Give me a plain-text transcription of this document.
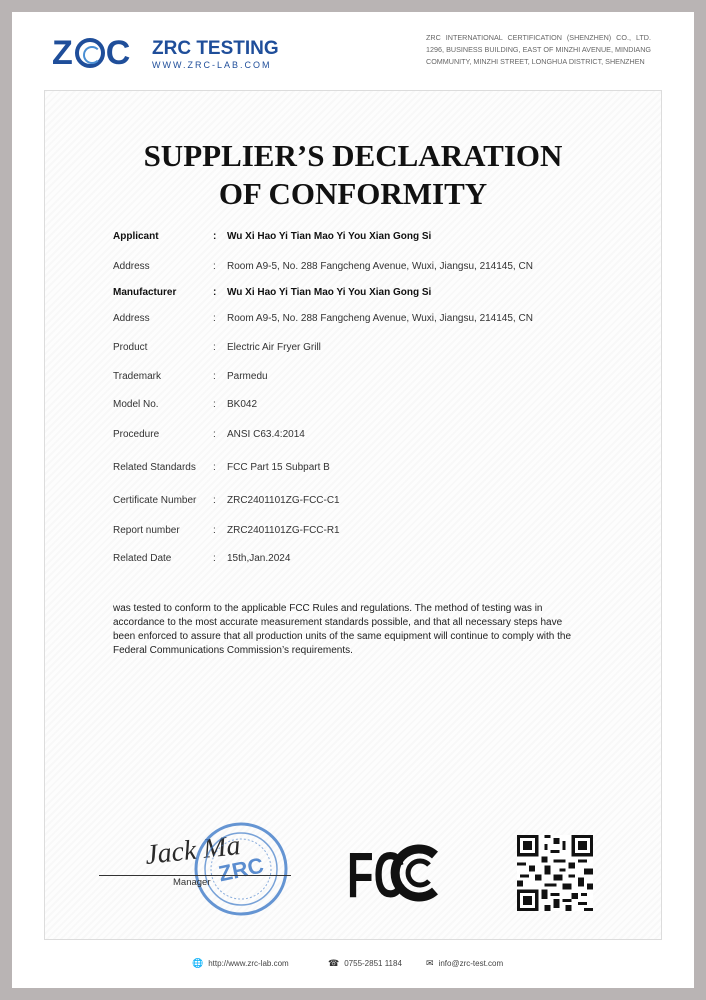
Z C ZRC TESTING
WWW.ZRC-LAB.COM
ZRC INTERNATIONAL CERTIFICATION (SHENZHEN) CO., LTD. 1296, BUSINESS BUILDING, EAST OF MINZHI AVENUE, MINDIANG COMMUNITY, MINZHI STREET, LONGHUA DISTRICT, SHENZHEN
SUPPLIER’S DECLARATION
OF CONFORMITY
Applicant	: Wu Xi Hao Yi Tian Mao Yi You Xian Gong Si
Address	: Room A9-5, No. 288 Fangcheng Avenue, Wuxi, Jiangsu, 214145, CN
Manufacturer	: Wu Xi Hao Yi Tian Mao Yi You Xian Gong Si
Address	: Room A9-5, No. 288 Fangcheng Avenue, Wuxi, Jiangsu, 214145, CN
Product	: Electric Air Fryer Grill
Trademark	: Parmedu
Model No.	: BK042
Procedure	: ANSI C63.4:2014
Related Standards	: FCC Part 15 Subpart B
Certificate Number	: ZRC2401101ZG-FCC-C1
Report number	: ZRC2401101ZG-FCC-R1
Related Date	: 15th,Jan.2024

was tested to conform to the applicable FCC Rules and regulations. The method of testing was in accordance to the most accurate measurement standards possible, and that all necessary steps have been enforced to assure that all production units of the same equipment will continue to comply with the Federal Communications Commission’s requirements.

Jack Ma
ZRC
Manager FC
🌐 http://www.zrc-lab.com	☎ 0755-2851 1184	✉ info@zrc-test.com
